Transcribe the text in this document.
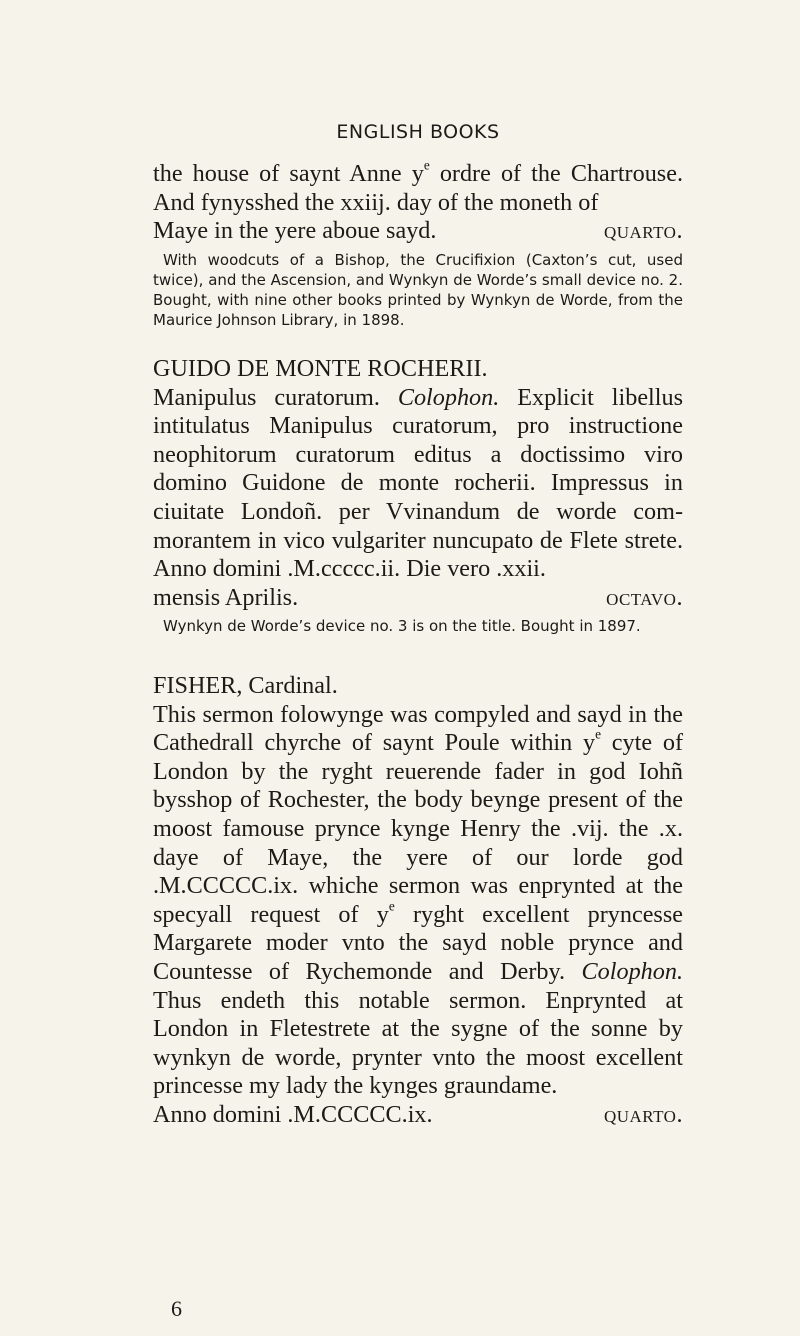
ENGLISH BOOKS
the house of saynt Anne $y^e$ ordre of the Chartrouse. And fynysshed the xxiij. day of the moneth of
Maye in the yere aboue sayd.	quarto.
With woodcuts of a Bishop, the Crucifixion (Caxton’s cut, used twice), and the Ascension, and Wynkyn de Worde’s small device no. 2. Bought, with nine other books printed by Wynkyn de Worde, from the Maurice Johnson Library, in 1898.
GUIDO DE MONTE ROCHERII.
Manipulus curatorum. Colophon. Explicit libellus intitulatus Manipulus curatorum, pro instructione neophitorum curatorum editus a doctissimo viro domino Guidone de monte rocherii. Impressus in ciuitate Londoñ. per Vvinandum de worde commorantem in vico vulgariter nuncupato de Flete strete. Anno domini .M.ccccc.ii. Die vero .xxii.
mensis Aprilis.	octavo.
Wynkyn de Worde’s device no. 3 is on the title. Bought in 1897.
FISHER, Cardinal.
This sermon folowynge was compyled and sayd in the Cathedrall chyrche of saynt Poule within $y^e$ cyte of London by the ryght reuerende fader in god Iohñ bysshop of Rochester, the body beynge present of the moost famouse prynce kynge Henry the .vij. the .x. daye of Maye, the yere of our lorde god .M.CCCCC.ix. whiche sermon was enprynted at the specyall request of $y^e$ ryght excellent pryncesse Margarete moder vnto the sayd noble prynce and Countesse of Rychemonde and Derby. Colophon. Thus endeth this notable sermon. Enprynted at London in Fletestrete at the sygne of the sonne by wynkyn de worde, prynter vnto the moost excellent princesse my lady the kynges graundame.
Anno domini .M.CCCCC.ix.	quarto.
6
